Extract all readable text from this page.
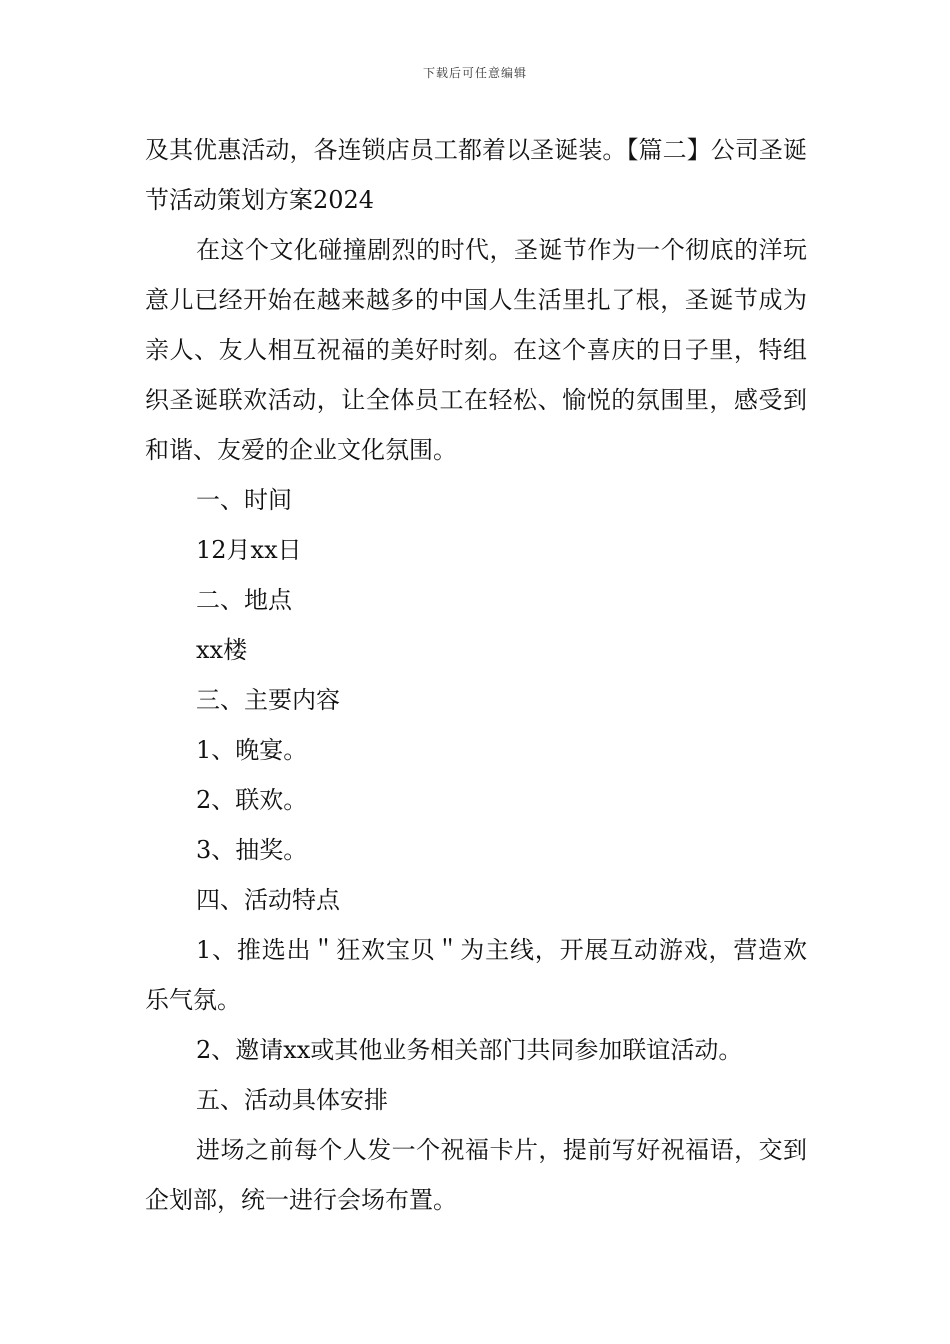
下载后可任意编辑

及其优惠活动，各连锁店员工都着以圣诞装。【篇二】公司圣诞节活动策划方案2024

在这个文化碰撞剧烈的时代，圣诞节作为一个彻底的洋玩意儿已经开始在越来越多的中国人生活里扎了根，圣诞节成为亲人、友人相互祝福的美好时刻。在这个喜庆的日子里，特组织圣诞联欢活动，让全体员工在轻松、愉悦的氛围里，感受到和谐、友爱的企业文化氛围。

一、时间

12月xx日

二、地点

xx楼

三、主要内容

1、晚宴。

2、联欢。

3、抽奖。

四、活动特点

1、推选出＂狂欢宝贝＂为主线，开展互动游戏，营造欢乐气氛。

2、邀请xx或其他业务相关部门共同参加联谊活动。

五、活动具体安排

进场之前每个人发一个祝福卡片，提前写好祝福语，交到企划部，统一进行会场布置。
